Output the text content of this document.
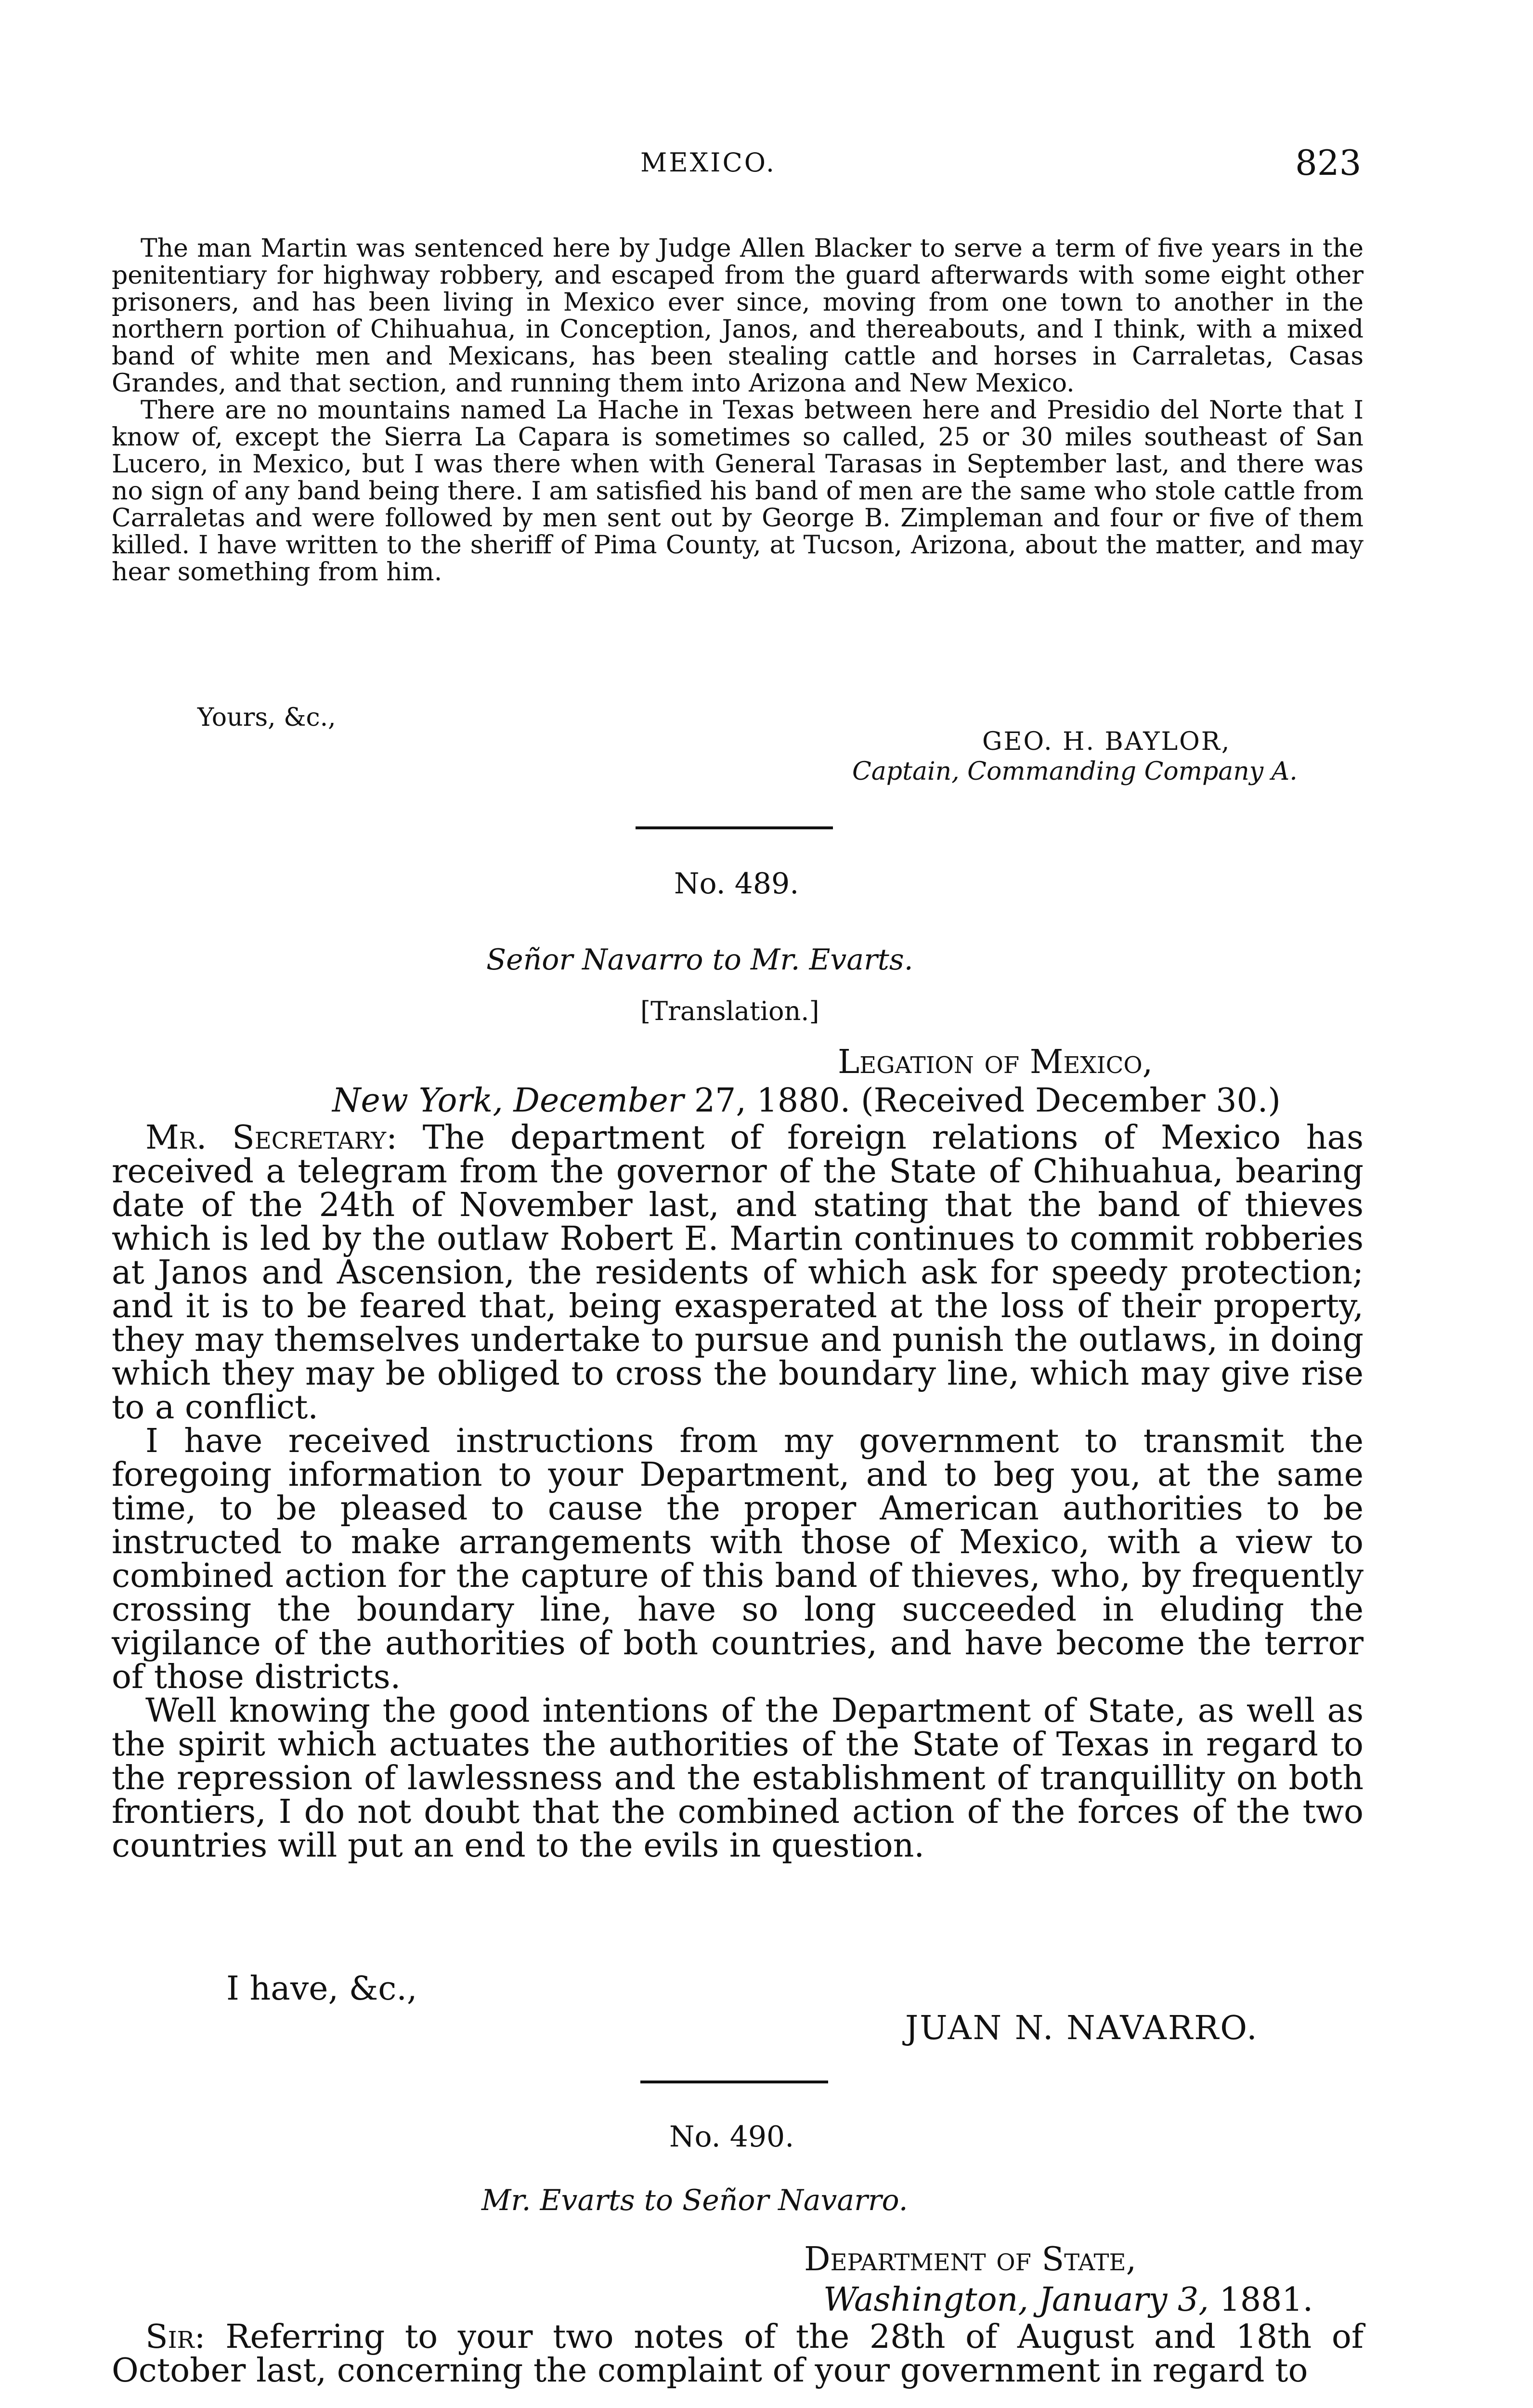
MEXICO.	823

The man Martin was sentenced here by Judge Allen Blacker to serve a term of five years in the penitentiary for highway robbery, and escaped from the guard afterwards with some eight other prisoners, and has been living in Mexico ever since, moving from one town to another in the northern portion of Chihuahua, in Conception, Janos, and thereabouts, and I think, with a mixed band of white men and Mexicans, has been stealing cattle and horses in Carraletas, Casas Grandes, and that section, and running them into Arizona and New Mexico.

There are no mountains named La Hache in Texas between here and Presidio del Norte that I know of, except the Sierra La Capara is sometimes so called, 25 or 30 miles southeast of San Lucero, in Mexico, but I was there when with General Tarasas in September last, and there was no sign of any band being there. I am satisfied his band of men are the same who stole cattle from Carraletas and were followed by men sent out by George B. Zimpleman and four or five of them killed. I have written to the sheriff of Pima County, at Tucson, Arizona, about the matter, and may hear something from him.

Yours, &c.,
GEO. H. BAYLOR,
Captain, Commanding Company A.
No. 489.
Señor Navarro to Mr. Evarts.
[Translation.]
Legation of Mexico,
New York, December 27, 1880. (Received December 30.)

Mr. Secretary: The department of foreign relations of Mexico has received a telegram from the governor of the State of Chihuahua, bearing date of the 24th of November last, and stating that the band of thieves which is led by the outlaw Robert E. Martin continues to commit robberies at Janos and Ascension, the residents of which ask for speedy protection; and it is to be feared that, being exasperated at the loss of their property, they may themselves undertake to pursue and punish the outlaws, in doing which they may be obliged to cross the boundary line, which may give rise to a conflict.

I have received instructions from my government to transmit the foregoing information to your Department, and to beg you, at the same time, to be pleased to cause the proper American authorities to be instructed to make arrangements with those of Mexico, with a view to combined action for the capture of this band of thieves, who, by frequently crossing the boundary line, have so long succeeded in eluding the vigilance of the authorities of both countries, and have become the terror of those districts.

Well knowing the good intentions of the Department of State, as well as the spirit which actuates the authorities of the State of Texas in regard to the repression of lawlessness and the establishment of tranquillity on both frontiers, I do not doubt that the combined action of the forces of the two countries will put an end to the evils in question.

I have, &c.,
JUAN N. NAVARRO.
No. 490.
Mr. Evarts to Señor Navarro.
Department of State,
Washington, January 3, 1881.

Sir: Referring to your two notes of the 28th of August and 18th of October last, concerning the complaint of your government in regard to
